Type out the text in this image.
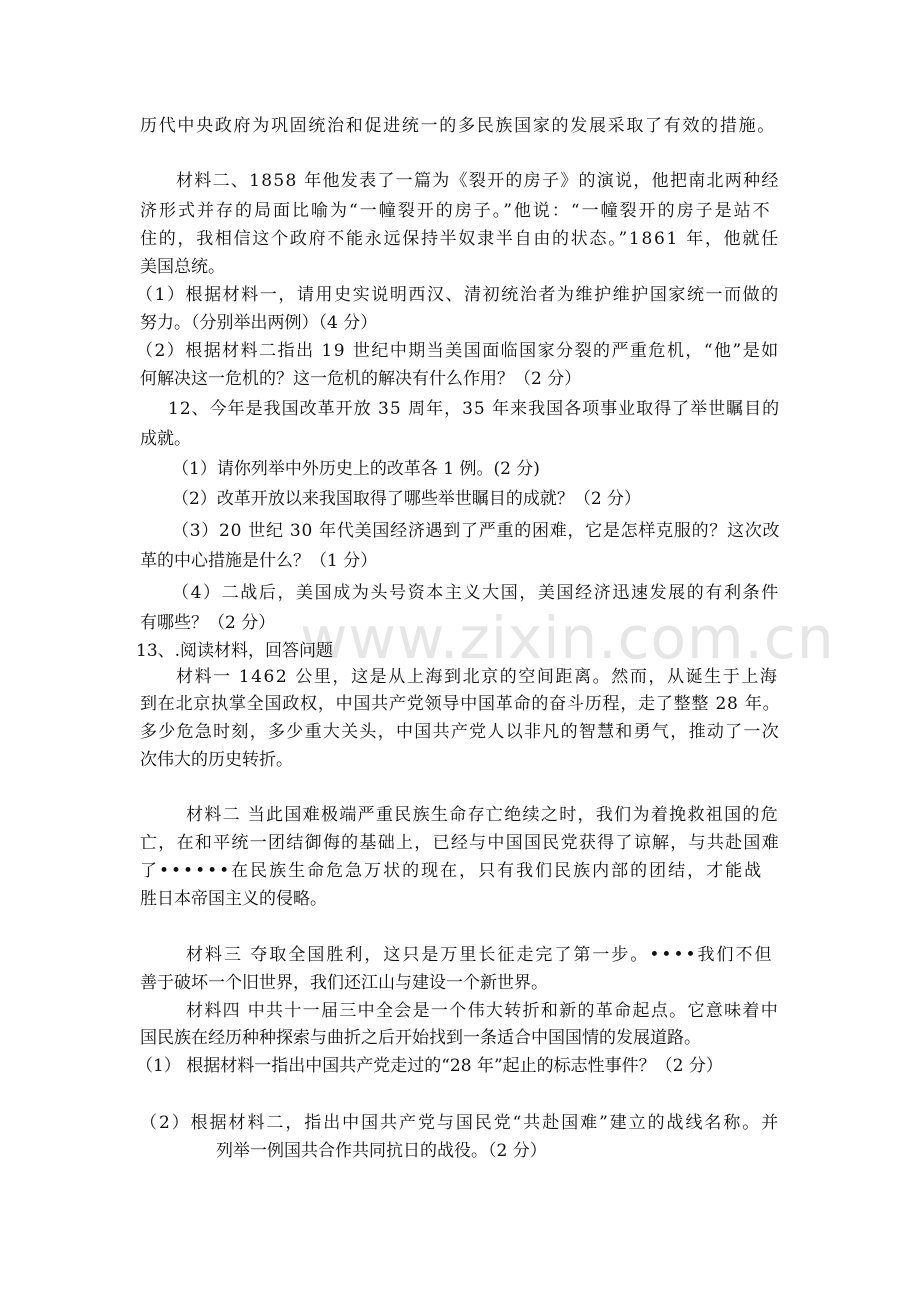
www.zixin.com.cn
历代中央政府为巩固统治和促进统一的多民族国家的发展采取了有效的措施。
材料二、1858 年他发表了一篇为《裂开的房子》的演说，他把南北两种经
济形式并存的局面比喻为“一幢裂开的房子。”他说：“一幢裂开的房子是站不
住的，我相信这个政府不能永远保持半奴隶半自由的状态。”1861 年，他就任
美国总统。
（1）根据材料一，请用史实说明西汉、清初统治者为维护维护国家统一而做的
努力。（分别举出两例）（4 分）
（2）根据材料二指出 19 世纪中期当美国面临国家分裂的严重危机，“他”是如
何解决这一危机的？这一危机的解决有什么作用？（2 分）
12、今年是我国改革开放 35 周年，35 年来我国各项事业取得了举世瞩目的
成就。
（1）请你列举中外历史上的改革各 1 例。(2 分)
（2）改革开放以来我国取得了哪些举世瞩目的成就？（2 分）
（3）20 世纪 30 年代美国经济遇到了严重的困难，它是怎样克服的？这次改
革的中心措施是什么？（1 分）
（4）二战后，美国成为头号资本主义大国，美国经济迅速发展的有利条件
有哪些？（2 分）
13、.阅读材料，回答问题
材料一 1462 公里，这是从上海到北京的空间距离。然而，从诞生于上海
到在北京执掌全国政权，中国共产党领导中国革命的奋斗历程，走了整整 28 年。
多少危急时刻，多少重大关头，中国共产党人以非凡的智慧和勇气，推动了一次
次伟大的历史转折。
材料二 当此国难极端严重民族生命存亡绝续之时，我们为着挽救祖国的危
亡，在和平统一团结御侮的基础上，已经与中国国民党获得了谅解，与共赴国难
了••••••在民族生命危急万状的现在，只有我们民族内部的团结，才能战
胜日本帝国主义的侵略。
材料三 夺取全国胜利，这只是万里长征走完了第一步。••••我们不但
善于破坏一个旧世界，我们还江山与建设一个新世界。
材料四 中共十一届三中全会是一个伟大转折和新的革命起点。它意味着中
国民族在经历种种探索与曲折之后开始找到一条适合中国国情的发展道路。
（1） 根据材料一指出中国共产党走过的“28 年”起止的标志性事件？（2 分）
（2）根据材料二，指出中国共产党与国民党“共赴国难”建立的战线名称。并
列举一例国共合作共同抗日的战役。（2 分）
